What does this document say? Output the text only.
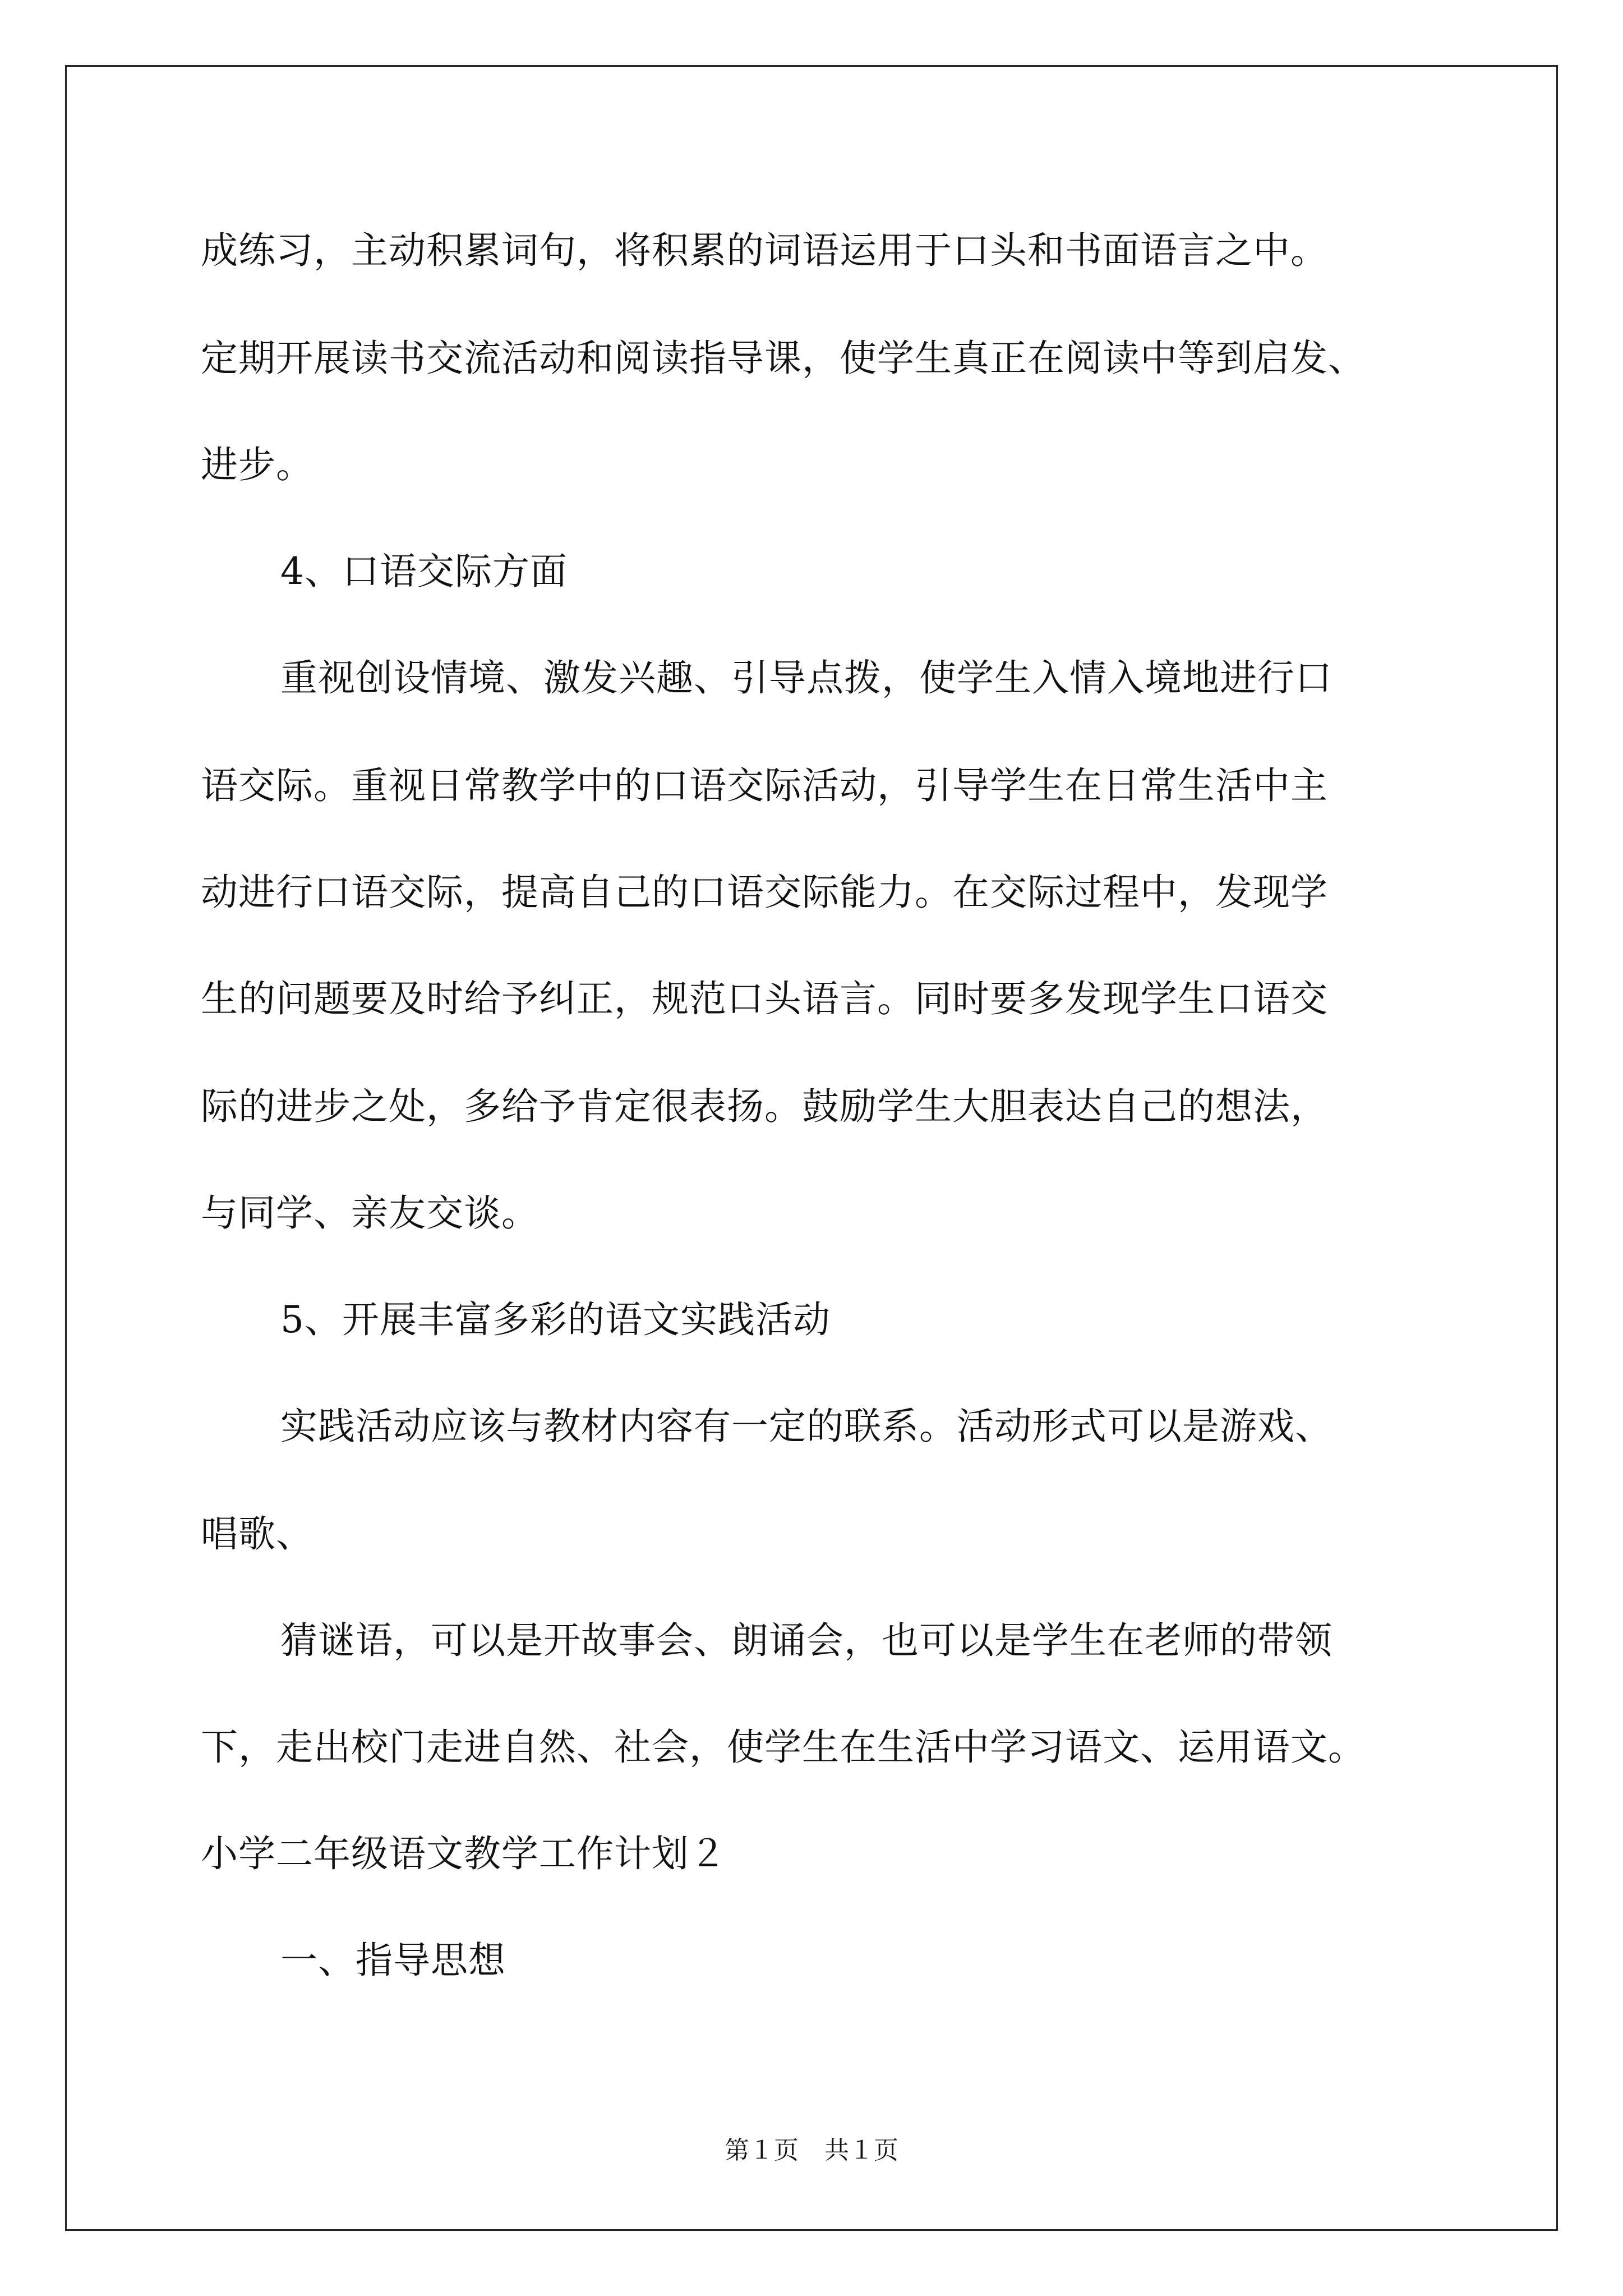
成练习，主动积累词句，将积累的词语运用于口头和书面语言之中。
定期开展读书交流活动和阅读指导课，使学生真正在阅读中等到启发、
进步。
4、口语交际方面
重视创设情境、激发兴趣、引导点拨，使学生入情入境地进行口
语交际。重视日常教学中的口语交际活动，引导学生在日常生活中主
动进行口语交际，提高自己的口语交际能力。在交际过程中，发现学
生的问题要及时给予纠正，规范口头语言。同时要多发现学生口语交
际的进步之处，多给予肯定很表扬。鼓励学生大胆表达自己的想法，
与同学、亲友交谈。
5、开展丰富多彩的语文实践活动
实践活动应该与教材内容有一定的联系。活动形式可以是游戏、
唱歌、
猜谜语，可以是开故事会、朗诵会，也可以是学生在老师的带领
下，走出校门走进自然、社会，使学生在生活中学习语文、运用语文。
小学二年级语文教学工作计划２
一、指导思想
第１页 共１页
